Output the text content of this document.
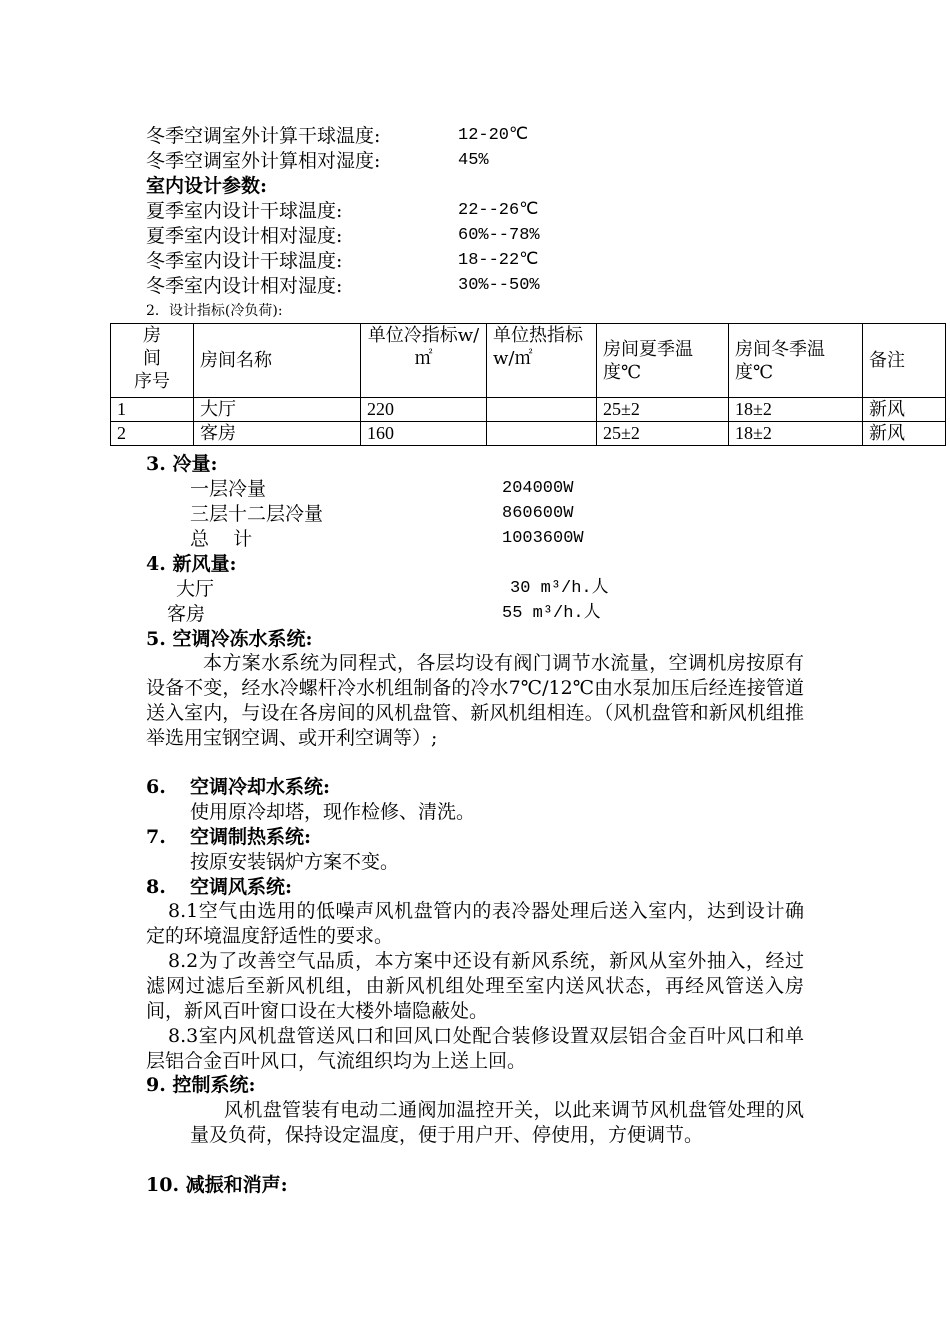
冬季空调室外计算干球温度:	12-20℃
冬季空调室外计算相对湿度:	45%
室内设计参数:
夏季室内设计干球温度:	22--26℃
夏季室内设计相对湿度:	60%--78%
冬季室内设计干球温度:	18--22℃
冬季室内设计相对湿度:	30%--50%
2．设计指标(冷负荷):
房
间
序号	房间名称	单位冷指标w/㎡	单位热指标w/㎡	房间夏季温度℃	房间冬季温度℃	备注
1	大厅	220		25±2	18±2	新风
2	客房	160		25±2	18±2	新风
3. 冷量:
一层冷量	204000W
三层十二层冷量	860600W
总    计	1003600W
4. 新风量:
大厅	30 m³/h.人
客房	55 m³/h.人
5. 空调冷冻水系统:
本方案水系统为同程式，各层均设有阀门调节水流量，空调机房按原有设备不变，经水冷螺杆冷水机组制备的冷水7℃/12℃由水泵加压后经连接管道送入室内，与设在各房间的风机盘管、新风机组相连。（风机盘管和新风机组推举选用宝钢空调、或开利空调等）;
6. 空调冷却水系统:
使用原冷却塔，现作检修、清洗。
7. 空调制热系统:
按原安装锅炉方案不变。
8. 空调风系统:
8.1空气由选用的低噪声风机盘管内的表冷器处理后送入室内，达到设计确定的环境温度舒适性的要求。
8.2为了改善空气品质，本方案中还设有新风系统，新风从室外抽入，经过滤网过滤后至新风机组，由新风机组处理至室内送风状态，再经风管送入房间，新风百叶窗口设在大楼外墙隐蔽处。
8.3室内风机盘管送风口和回风口处配合装修设置双层铝合金百叶风口和单层铝合金百叶风口，气流组织均为上送上回。
9. 控制系统:
风机盘管装有电动二通阀加温控开关，以此来调节风机盘管处理的风量及负荷，保持设定温度，便于用户开、停使用，方便调节。
10. 减振和消声:
